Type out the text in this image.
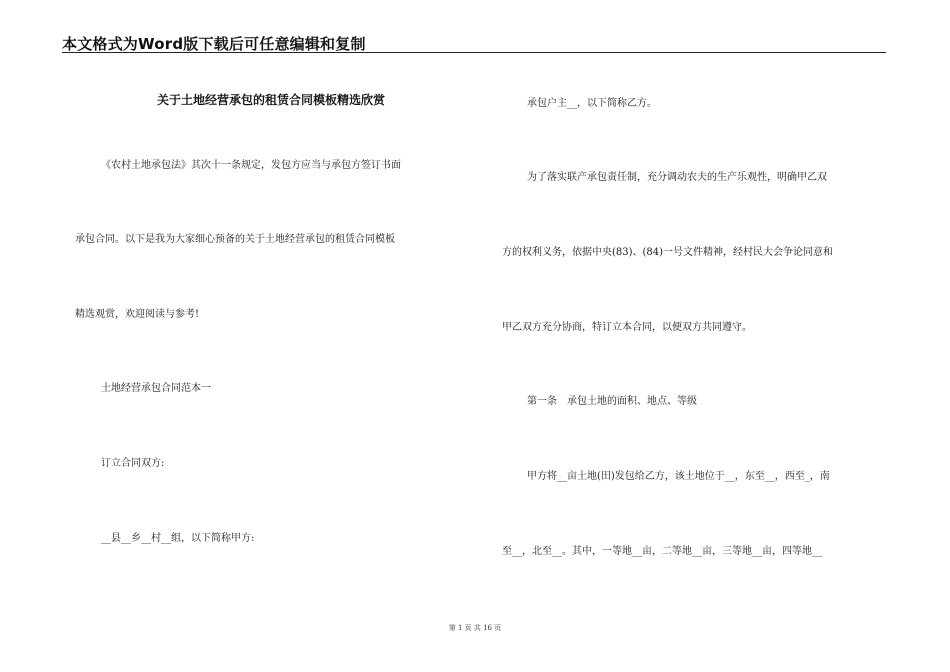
本文格式为Word版下载后可任意编辑和复制
关于土地经营承包的租赁合同模板精选欣赏
《农村土地承包法》其次十一条规定，发包方应当与承包方签订书面
承包合同。以下是我为大家细心预备的关于土地经营承包的租赁合同模板
精选观赏，欢迎阅读与参考!
土地经营承包合同范本一
订立合同双方:
__县__乡__村__组，以下简称甲方:
承包户主__，以下简称乙方。
为了落实联产承包责任制，充分调动农夫的生产乐观性，明确甲乙双
方的权利义务，依据中央(83)、(84)一号文件精神，经村民大会争论同意和
甲乙双方充分协商，特订立本合同，以便双方共同遵守。
第一条　承包土地的面积、地点、等级
甲方将__亩土地(田)发包给乙方，该土地位于__，东至__，西至_，南
至__，北至__。其中，一等地__亩，二等地__亩，三等地__亩，四等地__
第 1 页 共 16 页
